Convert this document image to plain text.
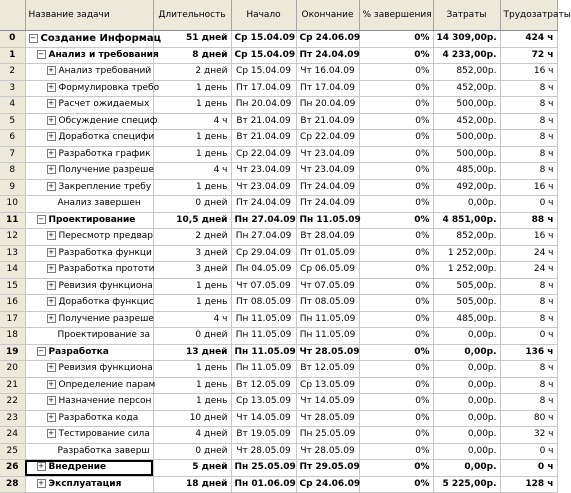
	Название задачи	Длительность	Начало	Окончание	% завершения	Затраты	Трудозатраты
0	− Создание Информац	51 дней	Ср 15.04.09	Ср 24.06.09	0%	14 309,00р.	424 ч
1	− Анализ и требования	8 дней	Ср 15.04.09	Пт 24.04.09	0%	4 233,00р.	72 ч
2	+ Анализ требований	2 дней	Ср 15.04.09	Чт 16.04.09	0%	852,00р.	16 ч
3	+ Формулировка требо	1 день	Пт 17.04.09	Пт 17.04.09	0%	452,00р.	8 ч
4	+ Расчет ожидаемых	1 день	Пн 20.04.09	Пн 20.04.09	0%	500,00р.	8 ч
5	+ Обсуждение специф	4 ч	Вт 21.04.09	Вт 21.04.09	0%	452,00р.	8 ч
6	+ Доработка специфи	1 день	Вт 21.04.09	Ср 22.04.09	0%	500,00р.	8 ч
7	+ Разработка график	1 день	Ср 22.04.09	Чт 23.04.09	0%	500,00р.	8 ч
8	+ Получение разреше	4 ч	Чт 23.04.09	Чт 23.04.09	0%	485,00р.	8 ч
9	+ Закрепление требу	1 день	Чт 23.04.09	Пт 24.04.09	0%	492,00р.	16 ч
10	Анализ завершен	0 дней	Пт 24.04.09	Пт 24.04.09	0%	0,00р.	0 ч
11	− Проектирование	10,5 дней	Пн 27.04.09	Пн 11.05.09	0%	4 851,00р.	88 ч
12	+ Пересмотр предвар	2 дней	Пн 27.04.09	Вт 28.04.09	0%	852,00р.	16 ч
13	+ Разработка функци	3 дней	Ср 29.04.09	Пт 01.05.09	0%	1 252,00р.	24 ч
14	+ Разработка прототи	3 дней	Пн 04.05.09	Ср 06.05.09	0%	1 252,00р.	24 ч
15	+ Ревизия функциона	1 день	Чт 07.05.09	Чт 07.05.09	0%	505,00р.	8 ч
16	+ Доработка функцис	1 день	Пт 08.05.09	Пт 08.05.09	0%	505,00р.	8 ч
17	+ Получение разреше	4 ч	Пн 11.05.09	Пн 11.05.09	0%	485,00р.	8 ч
18	Проектирование за	0 дней	Пн 11.05.09	Пн 11.05.09	0%	0,00р.	0 ч
19	− Разработка	13 дней	Пн 11.05.09	Чт 28.05.09	0%	0,00р.	136 ч
20	+ Ревизия функциона	1 день	Пн 11.05.09	Вт 12.05.09	0%	0,00р.	8 ч
21	+ Определение парам	1 день	Вт 12.05.09	Ср 13.05.09	0%	0,00р.	8 ч
22	+ Назначение персон	1 день	Ср 13.05.09	Чт 14.05.09	0%	0,00р.	8 ч
23	+ Разработка кода	10 дней	Чт 14.05.09	Чт 28.05.09	0%	0,00р.	80 ч
24	+ Тестирование сила	4 дней	Вт 19.05.09	Пн 25.05.09	0%	0,00р.	32 ч
25	Разработка заверш	0 дней	Чт 28.05.09	Чт 28.05.09	0%	0,00р.	0 ч
26	+ Внедрение	5 дней	Пн 25.05.09	Пт 29.05.09	0%	0,00р.	0 ч
28	+ Эксплуатация	18 дней	Пн 01.06.09	Ср 24.06.09	0%	5 225,00р.	128 ч
